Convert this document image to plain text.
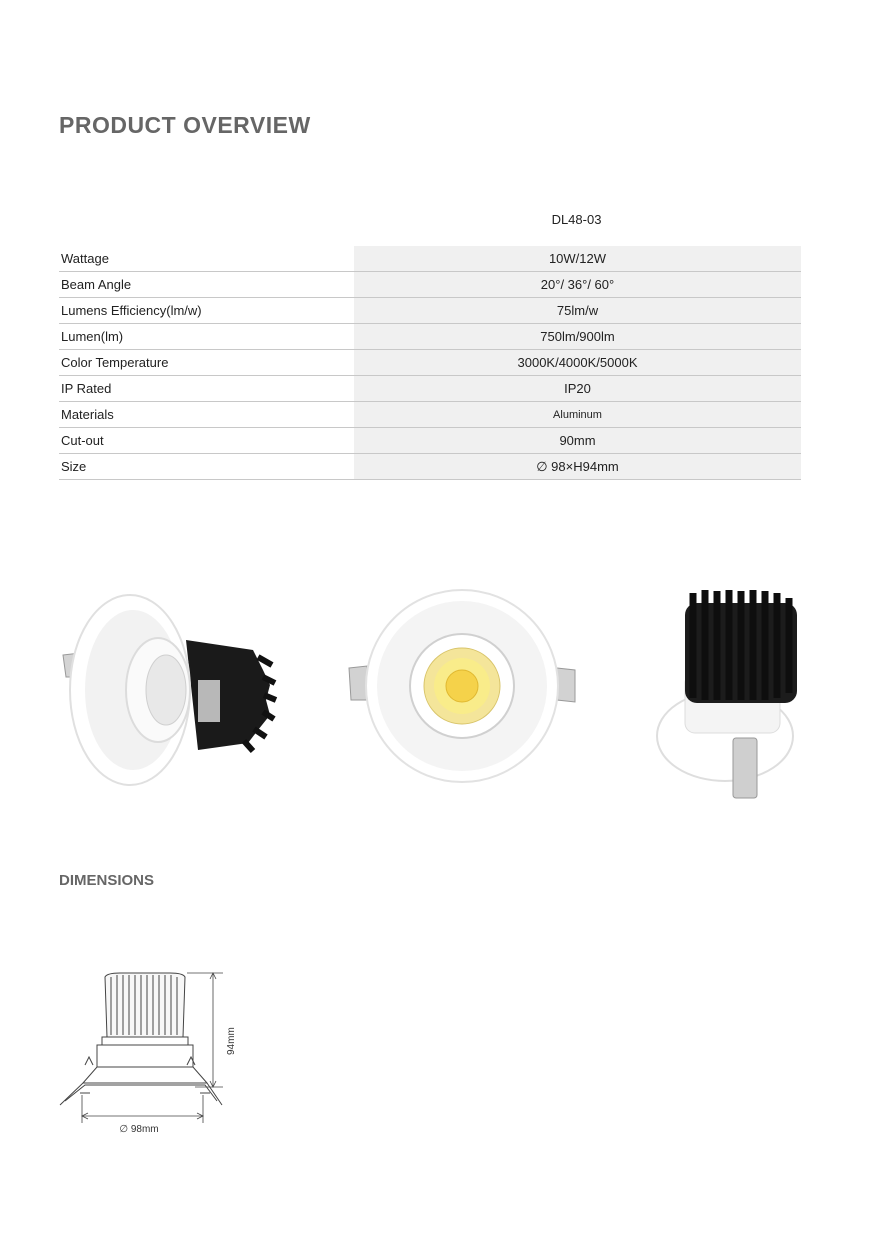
PRODUCT OVERVIEW
DL48-03
Wattage	10W/12W
Beam Angle	20°/ 36°/ 60°
Lumens Efficiency(lm/w)	75lm/w
Lumen(lm)	750lm/900lm
Color Temperature	3000K/4000K/5000K
IP Rated	IP20
Materials	Aluminum
Cut-out	90mm
Size	∅ 98×H94mm
DIMENSIONS
94mm
∅ 98mm
